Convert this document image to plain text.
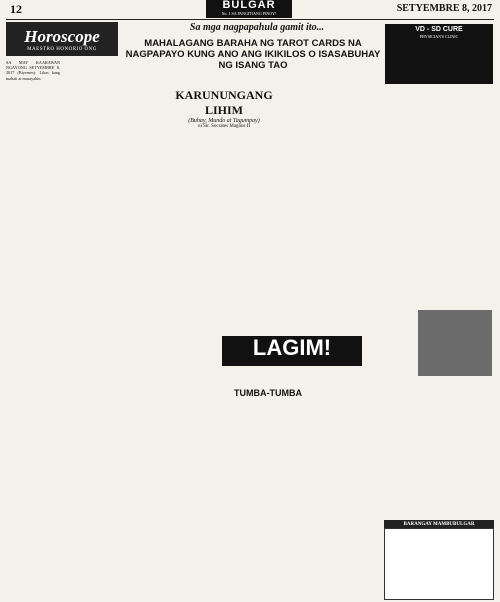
12	BULGAR
No. 1 SA PANGITIANG PINOY!	SETYEMBRE 8, 2017
Horoscope
MAESTRO HONORIO ONG

SA MAY KAARAWAN NGAYONG SETYEMBRE 8, 2017 (Biyernes): Likas kang mabait at masayahin.

Sa mga nagpapahula gamit ito...
MAHALAGANG BARAHA NG TAROT CARDS NA NAGPAPAYO KUNG ANO ANG IKIKILOS O ISASABUHAY NG ISANG TAO
KARUNUNGANG LIHIM
(Buhay, Mundo at Tagumpay)
ni Sir. Socrates Magnus II
VD - SD CURE
PHYSICIAN'S CLINIC
LAGIM!
TUMBA-TUMBA
BARANGAY MAMBUBULGAR
